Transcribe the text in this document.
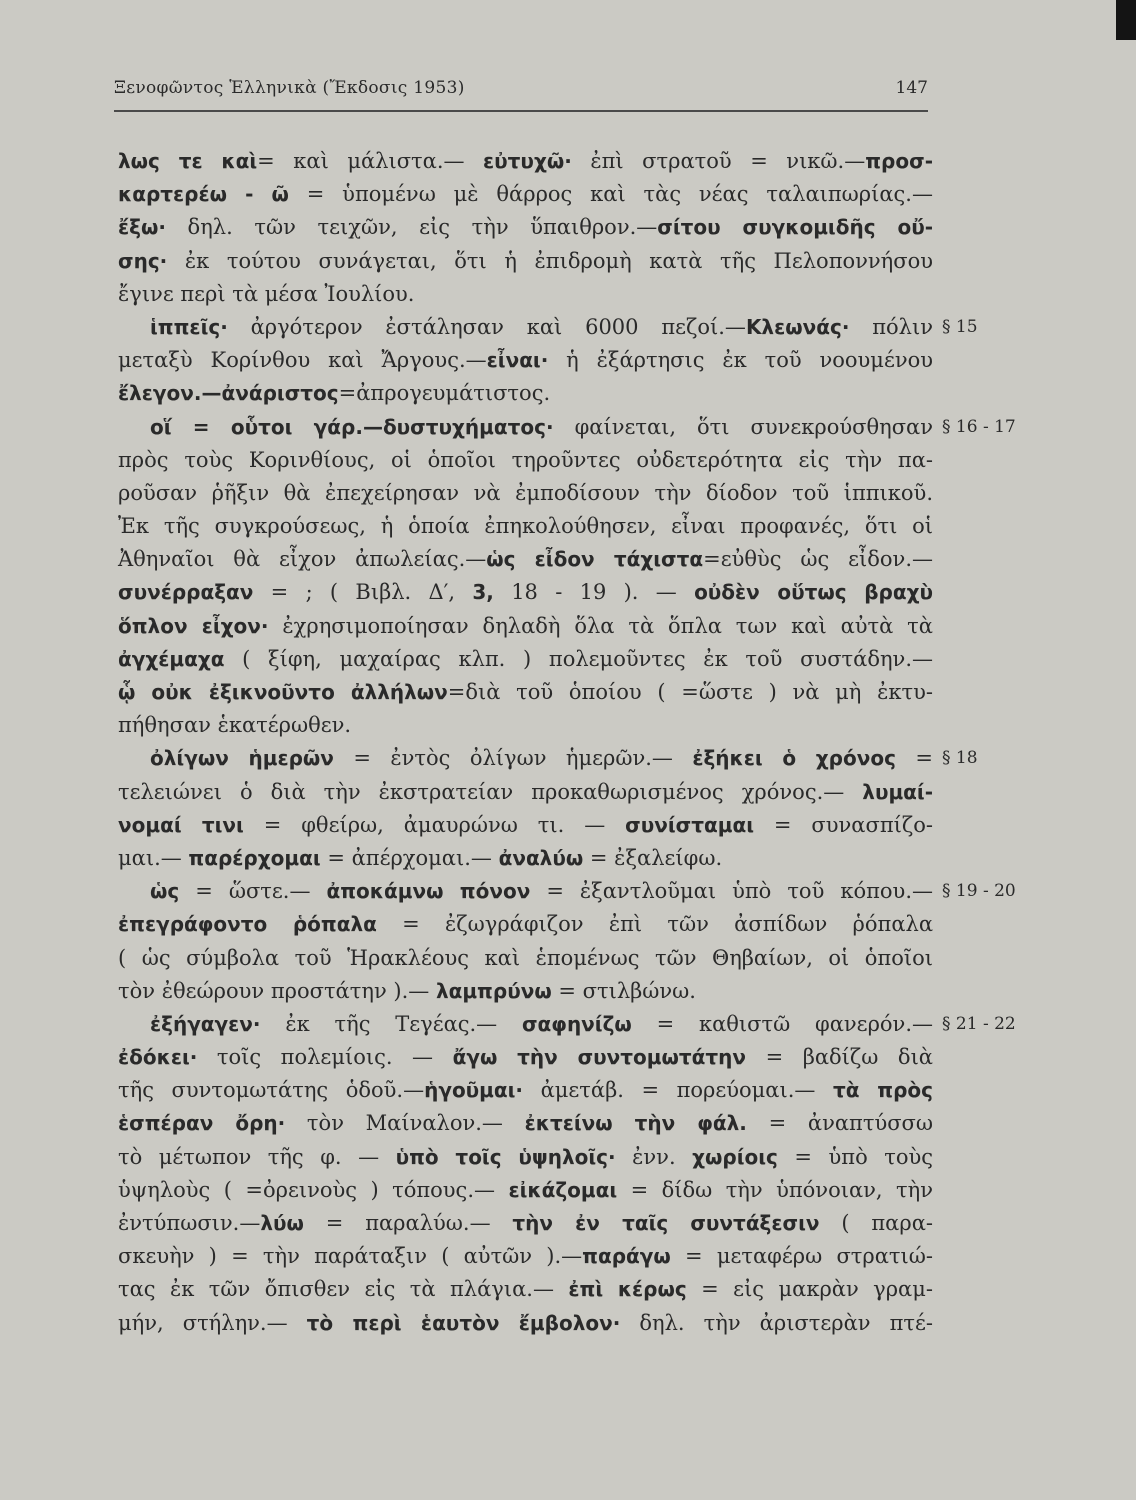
Ξενοφῶντος Ἑλληνικὰ (Ἔκδοσις 1953)	147
λως τε καὶ= καὶ μάλιστα.— εὐτυχῶ· ἐπὶ στρατοῦ = νικῶ.—προσ-
καρτερέω - ῶ = ὑπομένω μὲ θάρρος καὶ τὰς νέας ταλαιπωρίας.—
ἔξω· δηλ. τῶν τειχῶν, εἰς τὴν ὕπαιθρον.—σίτου συγκομιδῆς οὔ-
σης· ἐκ τούτου συνάγεται, ὅτι ἡ ἐπιδρομὴ κατὰ τῆς Πελοποννήσου
ἔγινε περὶ τὰ μέσα Ἰουλίου.
ἱππεῖς· ἀργότερον ἐστάλησαν καὶ 6000 πεζοί.—Κλεωνάς· πόλιν § 15
μεταξὺ Κορίνθου καὶ Ἄργους.—εἶναι· ἡ ἐξάρτησις ἐκ τοῦ νοουμένου
ἔλεγον.—ἀνάριστος=ἀπρογευμάτιστος.
οἵ = οὗτοι γάρ.—δυστυχήματος· φαίνεται, ὅτι συνεκρούσθησαν § 16 - 17
πρὸς τοὺς Κορινθίους, οἱ ὁποῖοι τηροῦντες οὐδετερότητα εἰς τὴν πα-
ροῦσαν ῥῆξιν θὰ ἐπεχείρησαν νὰ ἐμποδίσουν τὴν δίοδον τοῦ ἱππικοῦ.
Ἐκ τῆς συγκρούσεως, ἡ ὁποία ἐπηκολούθησεν, εἶναι προφανές, ὅτι οἱ
Ἀθηναῖοι θὰ εἶχον ἀπωλείας.—ὡς εἶδον τάχιστα=εὐθὺς ὡς εἶδον.—
συνέρραξαν = ; ( Βιβλ. Δ′, 3, 18 - 19 ). — οὐδὲν οὕτως βραχὺ
ὅπλον εἶχον· ἐχρησιμοποίησαν δηλαδὴ ὅλα τὰ ὅπλα των καὶ αὐτὰ τὰ
ἀγχέμαχα ( ξίφη, μαχαίρας κλπ. ) πολεμοῦντες ἐκ τοῦ συστάδην.—
ᾧ οὐκ ἐξικνοῦντο ἀλλήλων=διὰ τοῦ ὁποίου ( =ὥστε ) νὰ μὴ ἐκτυ-
πήθησαν ἑκατέρωθεν.
ὀλίγων ἡμερῶν = ἐντὸς ὀλίγων ἡμερῶν.— ἐξήκει ὁ χρόνος = § 18
τελειώνει ὁ διὰ τὴν ἐκστρατείαν προκαθωρισμένος χρόνος.— λυμαί-
νομαί τινι = φθείρω, ἀμαυρώνω τι. — συνίσταμαι = συνασπίζο-
μαι.— παρέρχομαι = ἀπέρχομαι.— ἀναλύω = ἐξαλείφω.
ὡς = ὥστε.— ἀποκάμνω πόνον = ἐξαντλοῦμαι ὑπὸ τοῦ κόπου.— § 19 - 20
ἐπεγράφοντο ῥόπαλα = ἐζωγράφιζον ἐπὶ τῶν ἀσπίδων ῥόπαλα
( ὡς σύμβολα τοῦ Ἡρακλέους καὶ ἑπομένως τῶν Θηβαίων, οἱ ὁποῖοι
τὸν ἐθεώρουν προστάτην ).— λαμπρύνω = στιλβώνω.
ἐξήγαγεν· ἐκ τῆς Τεγέας.— σαφηνίζω = καθιστῶ φανερόν.— § 21 - 22
ἐδόκει· τοῖς πολεμίοις. — ἄγω τὴν συντομωτάτην = βαδίζω διὰ
τῆς συντομωτάτης ὁδοῦ.—ἡγοῦμαι· ἀμετάβ. = πορεύομαι.— τὰ πρὸς
ἑσπέραν ὄρη· τὸν Μαίναλον.— ἐκτείνω τὴν φάλ. = ἀναπτύσσω
τὸ μέτωπον τῆς φ. — ὑπὸ τοῖς ὑψηλοῖς· ἐνν. χωρίοις = ὑπὸ τοὺς
ὑψηλοὺς ( =ὀρεινοὺς ) τόπους.— εἰκάζομαι = δίδω τὴν ὑπόνοιαν, τὴν
ἐντύπωσιν.—λύω = παραλύω.— τὴν ἐν ταῖς συντάξεσιν ( παρα-
σκευὴν ) = τὴν παράταξιν ( αὐτῶν ).—παράγω = μεταφέρω στρατιώ-
τας ἐκ τῶν ὄπισθεν εἰς τὰ πλάγια.— ἐπὶ κέρως = εἰς μακρὰν γραμ-
μήν, στήλην.— τὸ περὶ ἑαυτὸν ἔμβολον· δηλ. τὴν ἀριστερὰν πτέ-
